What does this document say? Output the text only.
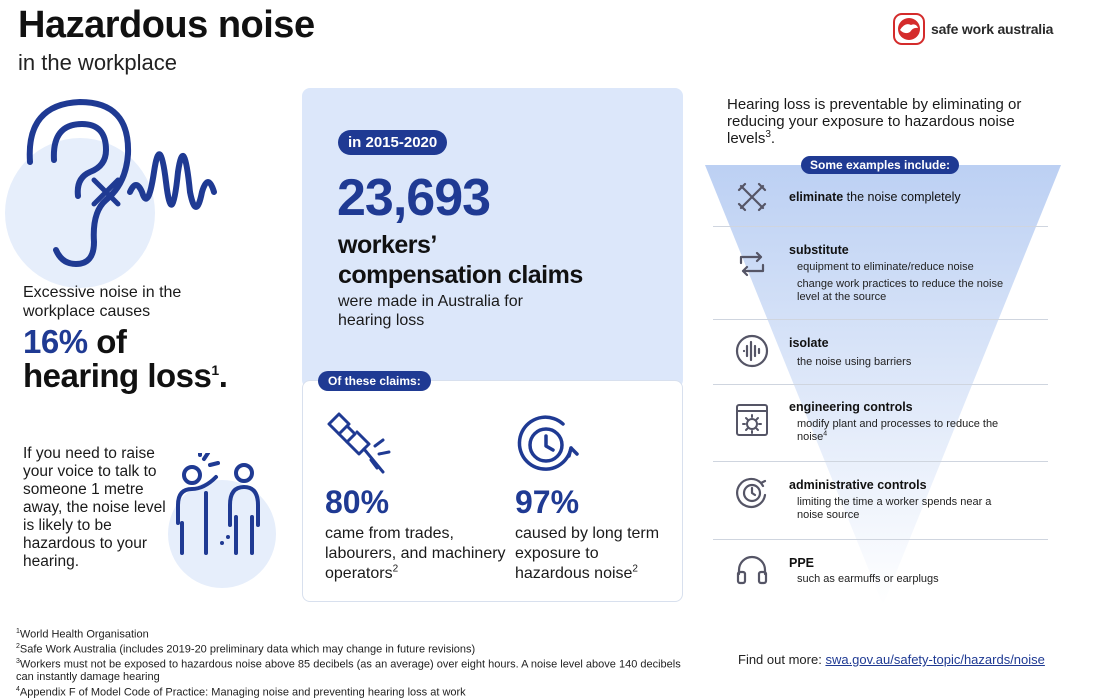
Hazardous noise
in the workplace
safe work australia
Excessive noise in the workplace causes
16% of
hearing loss$^1$.
If you need to raise your voice to talk to someone 1 metre away, the noise level is likely to be hazardous to your hearing.
in 2015-2020
23,693
workers’
compensation claims
were made in Australia for hearing loss
Of these claims:
80%	97%
came from trades, labourers, and machinery operators$^2$
caused by long term exposure to hazardous noise$^2$
Hearing loss is preventable by eliminating or reducing your exposure to hazardous noise levels$^3$.
Some examples include:
eliminate the noise completely
substitute
equipment to eliminate/reduce noise
change work practices to reduce the noise level at the source
isolate
the noise using barriers
engineering controls
modify plant and processes to reduce the noise$^4$
administrative controls
limiting the time a worker spends near a noise source
PPE
such as earmuffs or earplugs
$^1$World Health Organisation
$^2$Safe Work Australia (includes 2019-20 preliminary data which may change in future revisions)
$^3$Workers must not be exposed to hazardous noise above 85 decibels (as an average) over eight hours. A noise level above 140 decibels can instantly damage hearing
$^4$Appendix F of Model Code of Practice: Managing noise and preventing hearing loss at work
Find out more: swa.gov.au/safety-topic/hazards/noise
